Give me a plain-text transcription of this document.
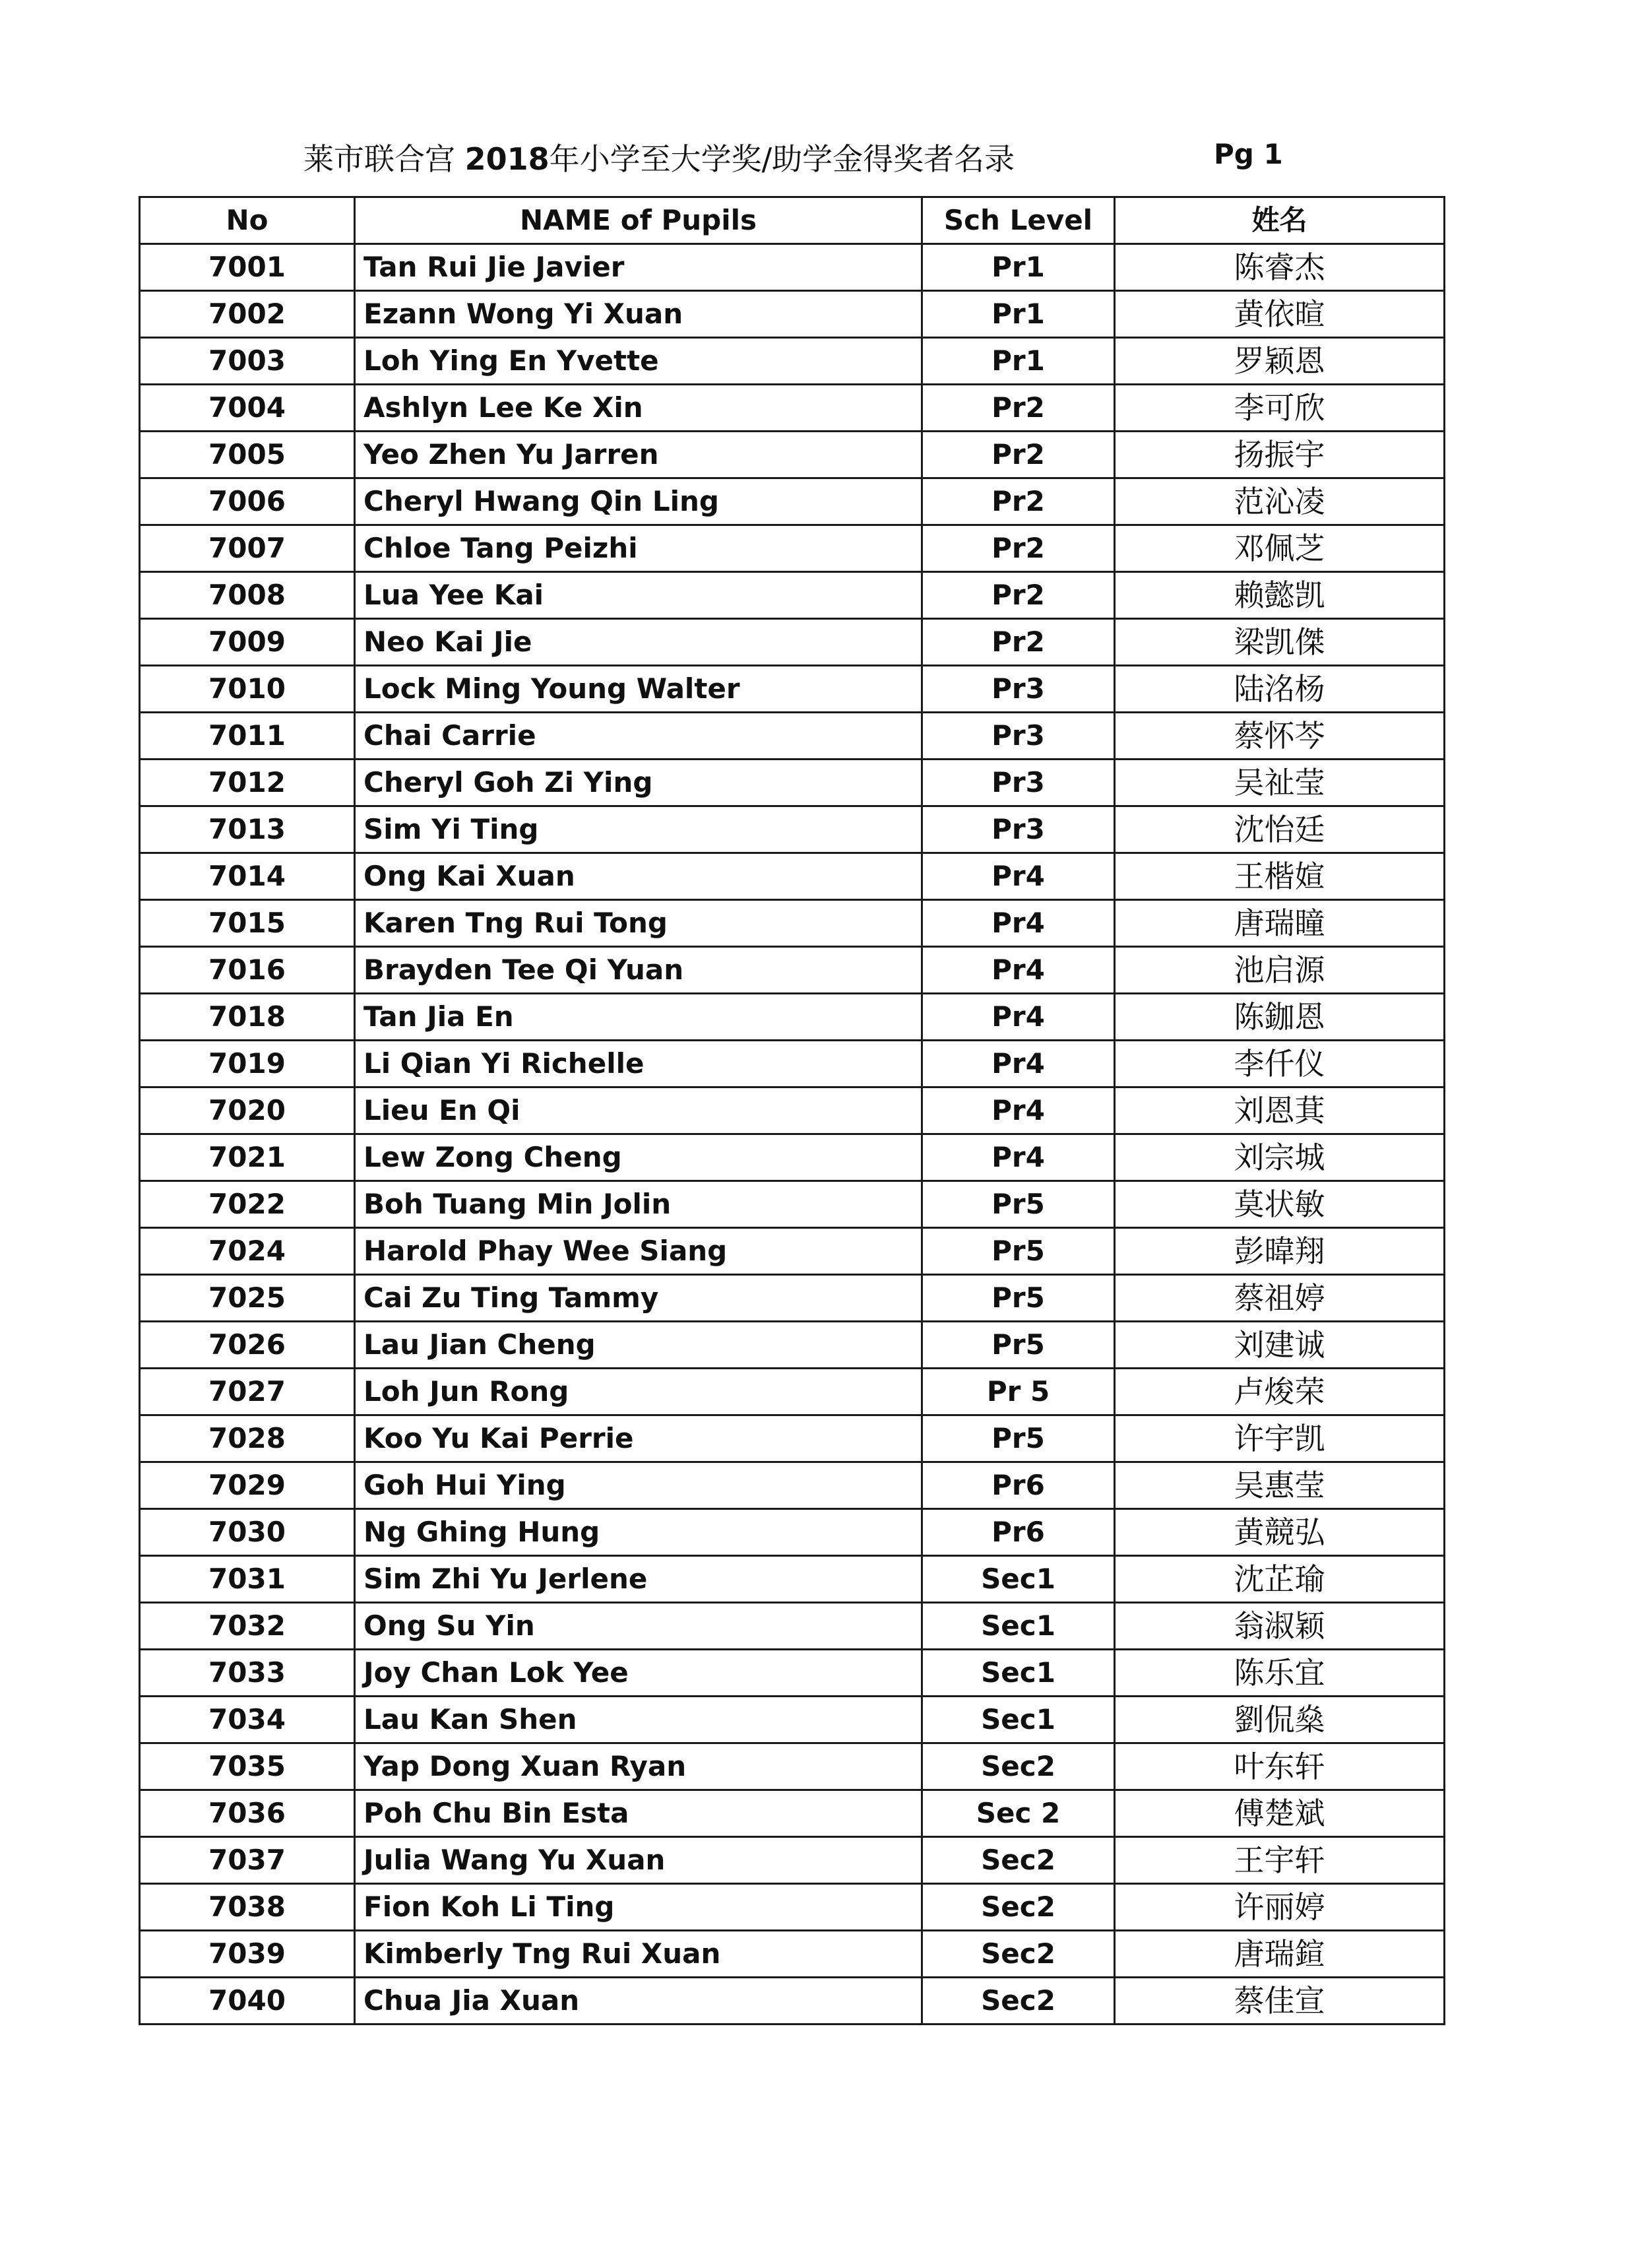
莱市联合宫 2018年小学至大学奖/助学金得奖者名录	Pg 1
No	NAME of Pupils	Sch Level	姓名
7001	Tan Rui Jie Javier	Pr1	陈睿杰
7002	Ezann Wong Yi Xuan	Pr1	黄依暄
7003	Loh Ying En Yvette	Pr1	罗颖恩
7004	Ashlyn Lee Ke Xin	Pr2	李可欣
7005	Yeo Zhen Yu Jarren	Pr2	扬振宇
7006	Cheryl Hwang Qin Ling	Pr2	范沁凌
7007	Chloe Tang Peizhi	Pr2	邓佩芝
7008	Lua Yee Kai	Pr2	赖懿凯
7009	Neo Kai Jie	Pr2	梁凯傑
7010	Lock Ming Young Walter	Pr3	陆洺杨
7011	Chai Carrie	Pr3	蔡怀芩
7012	Cheryl Goh Zi Ying	Pr3	吴祉莹
7013	Sim Yi Ting	Pr3	沈怡廷
7014	Ong Kai Xuan	Pr4	王楷媗
7015	Karen Tng Rui Tong	Pr4	唐瑞瞳
7016	Brayden Tee Qi Yuan	Pr4	池启源
7018	Tan Jia En	Pr4	陈鉫恩
7019	Li Qian Yi Richelle	Pr4	李仟仪
7020	Lieu En Qi	Pr4	刘恩萁
7021	Lew Zong Cheng	Pr4	刘宗城
7022	Boh Tuang Min Jolin	Pr5	莫状敏
7024	Harold Phay Wee Siang	Pr5	彭暐翔
7025	Cai Zu Ting Tammy	Pr5	蔡祖婷
7026	Lau Jian Cheng	Pr5	刘建诚
7027	Loh Jun Rong	Pr 5	卢焌荣
7028	Koo Yu Kai Perrie	Pr5	许宇凯
7029	Goh Hui Ying	Pr6	吴惠莹
7030	Ng Ghing Hung	Pr6	黄競弘
7031	Sim Zhi Yu Jerlene	Sec1	沈芷瑜
7032	Ong Su Yin	Sec1	翁淑颖
7033	Joy Chan Lok Yee	Sec1	陈乐宜
7034	Lau Kan Shen	Sec1	劉侃燊
7035	Yap Dong Xuan Ryan	Sec2	叶东轩
7036	Poh Chu Bin Esta	Sec 2	傅楚斌
7037	Julia Wang Yu Xuan	Sec2	王宇轩
7038	Fion Koh Li Ting	Sec2	许丽婷
7039	Kimberly Tng Rui Xuan	Sec2	唐瑞鍹
7040	Chua Jia Xuan	Sec2	蔡佳宣
